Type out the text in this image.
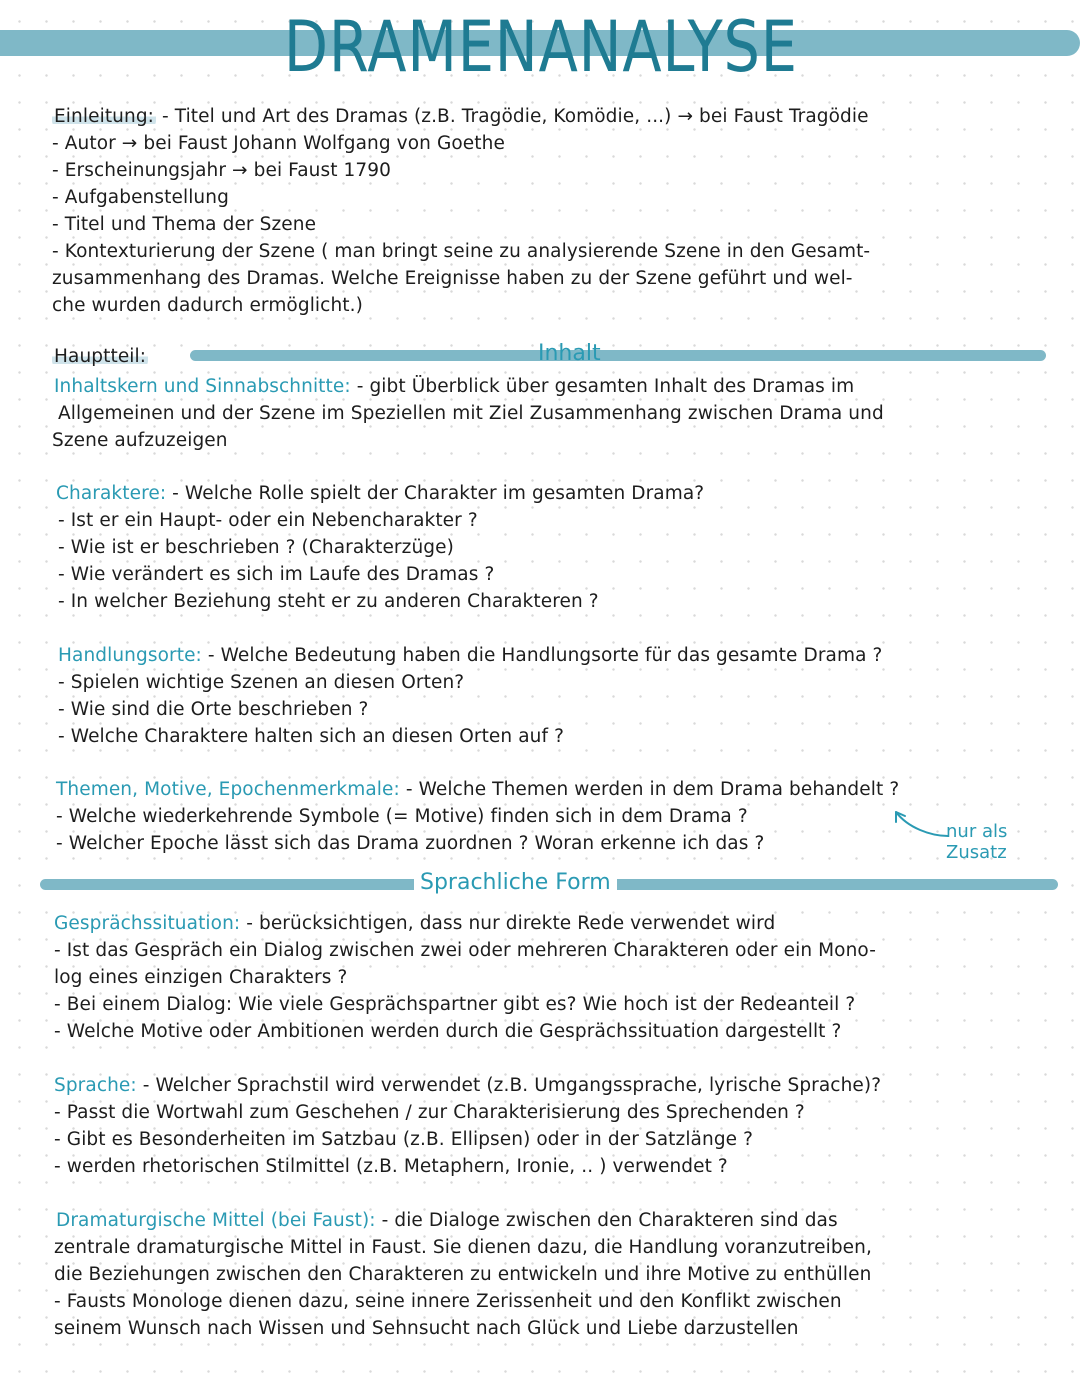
DRAMENANALYSE
Einleitung: - Titel und Art des Dramas (z.B. Tragödie, Komödie, ...) → bei Faust Tragödie
- Autor → bei Faust Johann Wolfgang von Goethe
- Erscheinungsjahr → bei Faust 1790
- Aufgabenstellung
- Titel und Thema der Szene
- Kontexturierung der Szene ( man bringt seine zu analysierende Szene in den Gesamt-
zusammenhang des Dramas. Welche Ereignisse haben zu der Szene geführt und wel-
che wurden dadurch ermöglicht.)
Hauptteil:	Inhalt
Inhaltskern und Sinnabschnitte: - gibt Überblick über gesamten Inhalt des Dramas im
Allgemeinen und der Szene im Speziellen mit Ziel Zusammenhang zwischen Drama und
Szene aufzuzeigen
Charaktere: - Welche Rolle spielt der Charakter im gesamten Drama?
- Ist er ein Haupt- oder ein Nebencharakter ?
- Wie ist er beschrieben ? (Charakterzüge)
- Wie verändert es sich im Laufe des Dramas ?
- In welcher Beziehung steht er zu anderen Charakteren ?
Handlungsorte: - Welche Bedeutung haben die Handlungsorte für das gesamte Drama ?
- Spielen wichtige Szenen an diesen Orten?
- Wie sind die Orte beschrieben ?
- Welche Charaktere halten sich an diesen Orten auf ?
Themen, Motive, Epochenmerkmale: - Welche Themen werden in dem Drama behandelt ?
- Welche wiederkehrende Symbole (= Motive) finden sich in dem Drama ?
- Welcher Epoche lässt sich das Drama zuordnen ? Woran erkenne ich das ?
nur als
Zusatz
Sprachliche Form
Gesprächssituation: - berücksichtigen, dass nur direkte Rede verwendet wird
- Ist das Gespräch ein Dialog zwischen zwei oder mehreren Charakteren oder ein Mono-
log eines einzigen Charakters ?
- Bei einem Dialog: Wie viele Gesprächspartner gibt es? Wie hoch ist der Redeanteil ?
- Welche Motive oder Ambitionen werden durch die Gesprächssituation dargestellt ?
Sprache: - Welcher Sprachstil wird verwendet (z.B. Umgangssprache, lyrische Sprache)?
- Passt die Wortwahl zum Geschehen / zur Charakterisierung des Sprechenden ?
- Gibt es Besonderheiten im Satzbau (z.B. Ellipsen) oder in der Satzlänge ?
- werden rhetorischen Stilmittel (z.B. Metaphern, Ironie, .. ) verwendet ?
Dramaturgische Mittel (bei Faust): - die Dialoge zwischen den Charakteren sind das
zentrale dramaturgische Mittel in Faust. Sie dienen dazu, die Handlung voranzutreiben,
die Beziehungen zwischen den Charakteren zu entwickeln und ihre Motive zu enthüllen
- Fausts Monologe dienen dazu, seine innere Zerissenheit und den Konflikt zwischen
seinem Wunsch nach Wissen und Sehnsucht nach Glück und Liebe darzustellen
